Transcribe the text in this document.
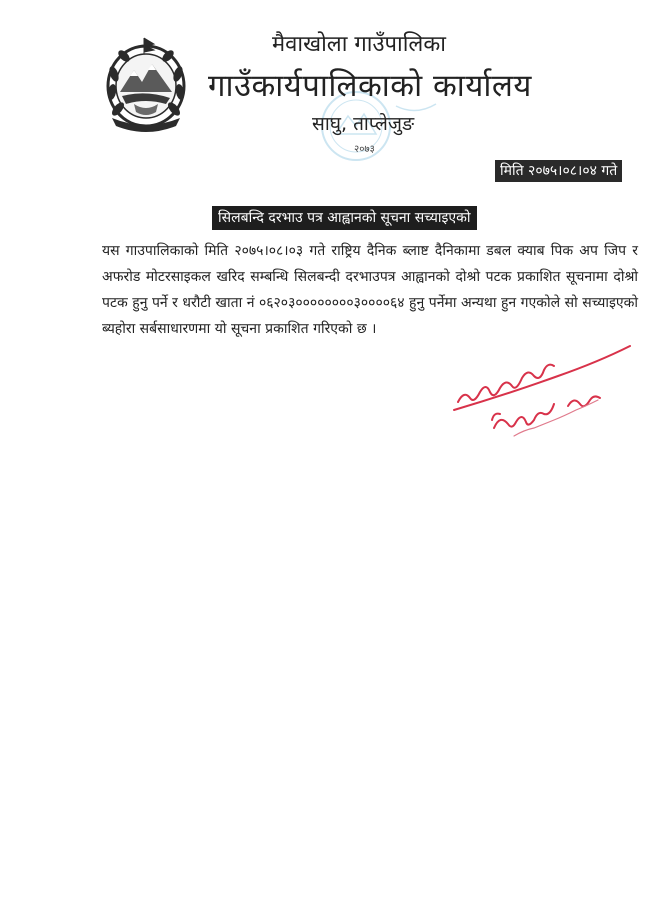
मैवाखोला गाउँपालिका
गाउँकार्यपालिकाको कार्यालय
साघु, ताप्लेजुङ
२०७३
मिति २०७५।०८।०४ गते
सिलबन्दि दरभाउ पत्र आह्वानको सूचना सच्याइएको
यस गाउपालिकाको मिति २०७५।०८।०३ गते राष्ट्रिय दैनिक ब्लाष्ट दैनिकामा डबल क्याब पिक अप जिप र अफरोड मोटरसाइकल खरिद सम्बन्धि सिलबन्दी दरभाउपत्र आह्वानको दोश्रो पटक प्रकाशित सूचनामा दोश्रो पटक हुनु पर्ने र धरौटी खाता नं ०६२०३००००००००३००००६४ हुनु पर्नेमा अन्यथा हुन गएकोले सो सच्याइएको ब्यहोरा सर्बसाधारणमा यो सूचना प्रकाशित गरिएको छ ।
